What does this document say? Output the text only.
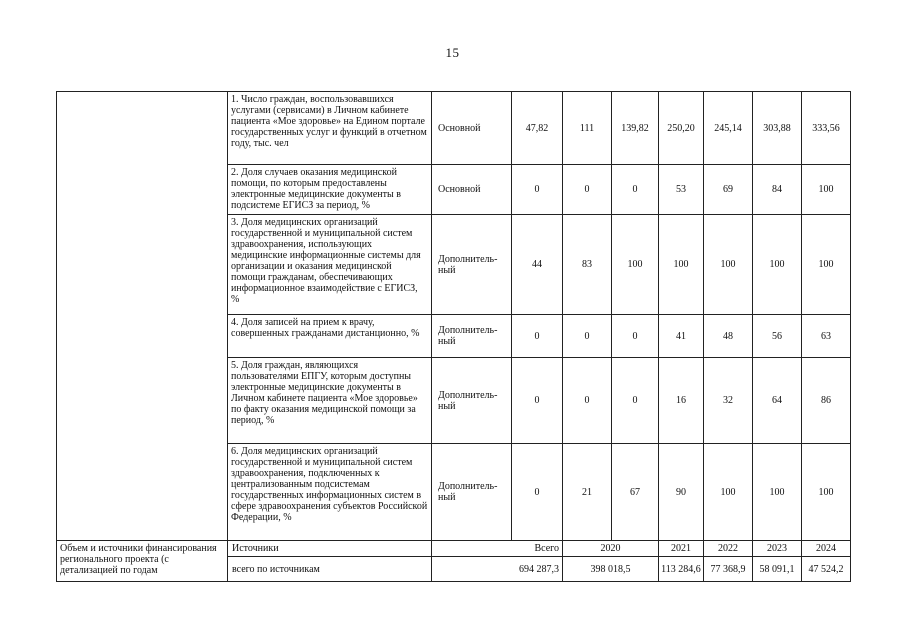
15
	1. Число граждан, воспользовавшихся услугами (сервисами) в Личном кабинете пациента «Мое здоровье» на Едином портале государственных услуг и функций в отчетном году, тыс. чел	Основной	47,82	111	139,82	250,20	245,14	303,88	333,56
	2. Доля случаев оказания медицинской помощи, по которым предоставлены электронные медицинские документы в подсистеме ЕГИСЗ за период, %	Основной	0	0	0	53	69	84	100
	3. Доля медицинских организаций государственной и муниципальной систем здравоохранения, использующих медицинские информационные системы для организации и оказания медицинской помощи гражданам, обеспечивающих информационное взаимодействие с ЕГИСЗ, %	Дополнитель-ный	44	83	100	100	100	100	100
	4. Доля записей на прием к врачу, совершенных гражданами дистанционно, %	Дополнитель-ный	0	0	0	41	48	56	63
	5. Доля граждан, являющихся пользователями ЕПГУ, которым доступны электронные медицинские документы в Личном кабинете пациента «Мое здоровье» по факту оказания медицинской помощи за период, %	Дополнитель-ный	0	0	0	16	32	64	86
	6. Доля медицинских организаций государственной и муниципальной систем здравоохранения, подключенных к централизованным подсистемам государственных информационных систем в сфере здравоохранения субъектов Российской Федерации, %	Дополнитель-ный	0	21	67	90	100	100	100
Объем и источники финансирования регионального проекта (с детализацией по годам	Источники	Всего		2020		2021	2022	2023	2024
	всего по источникам	694 287,3		398 018,5		113 284,6	77 368,9	58 091,1	47 524,2
